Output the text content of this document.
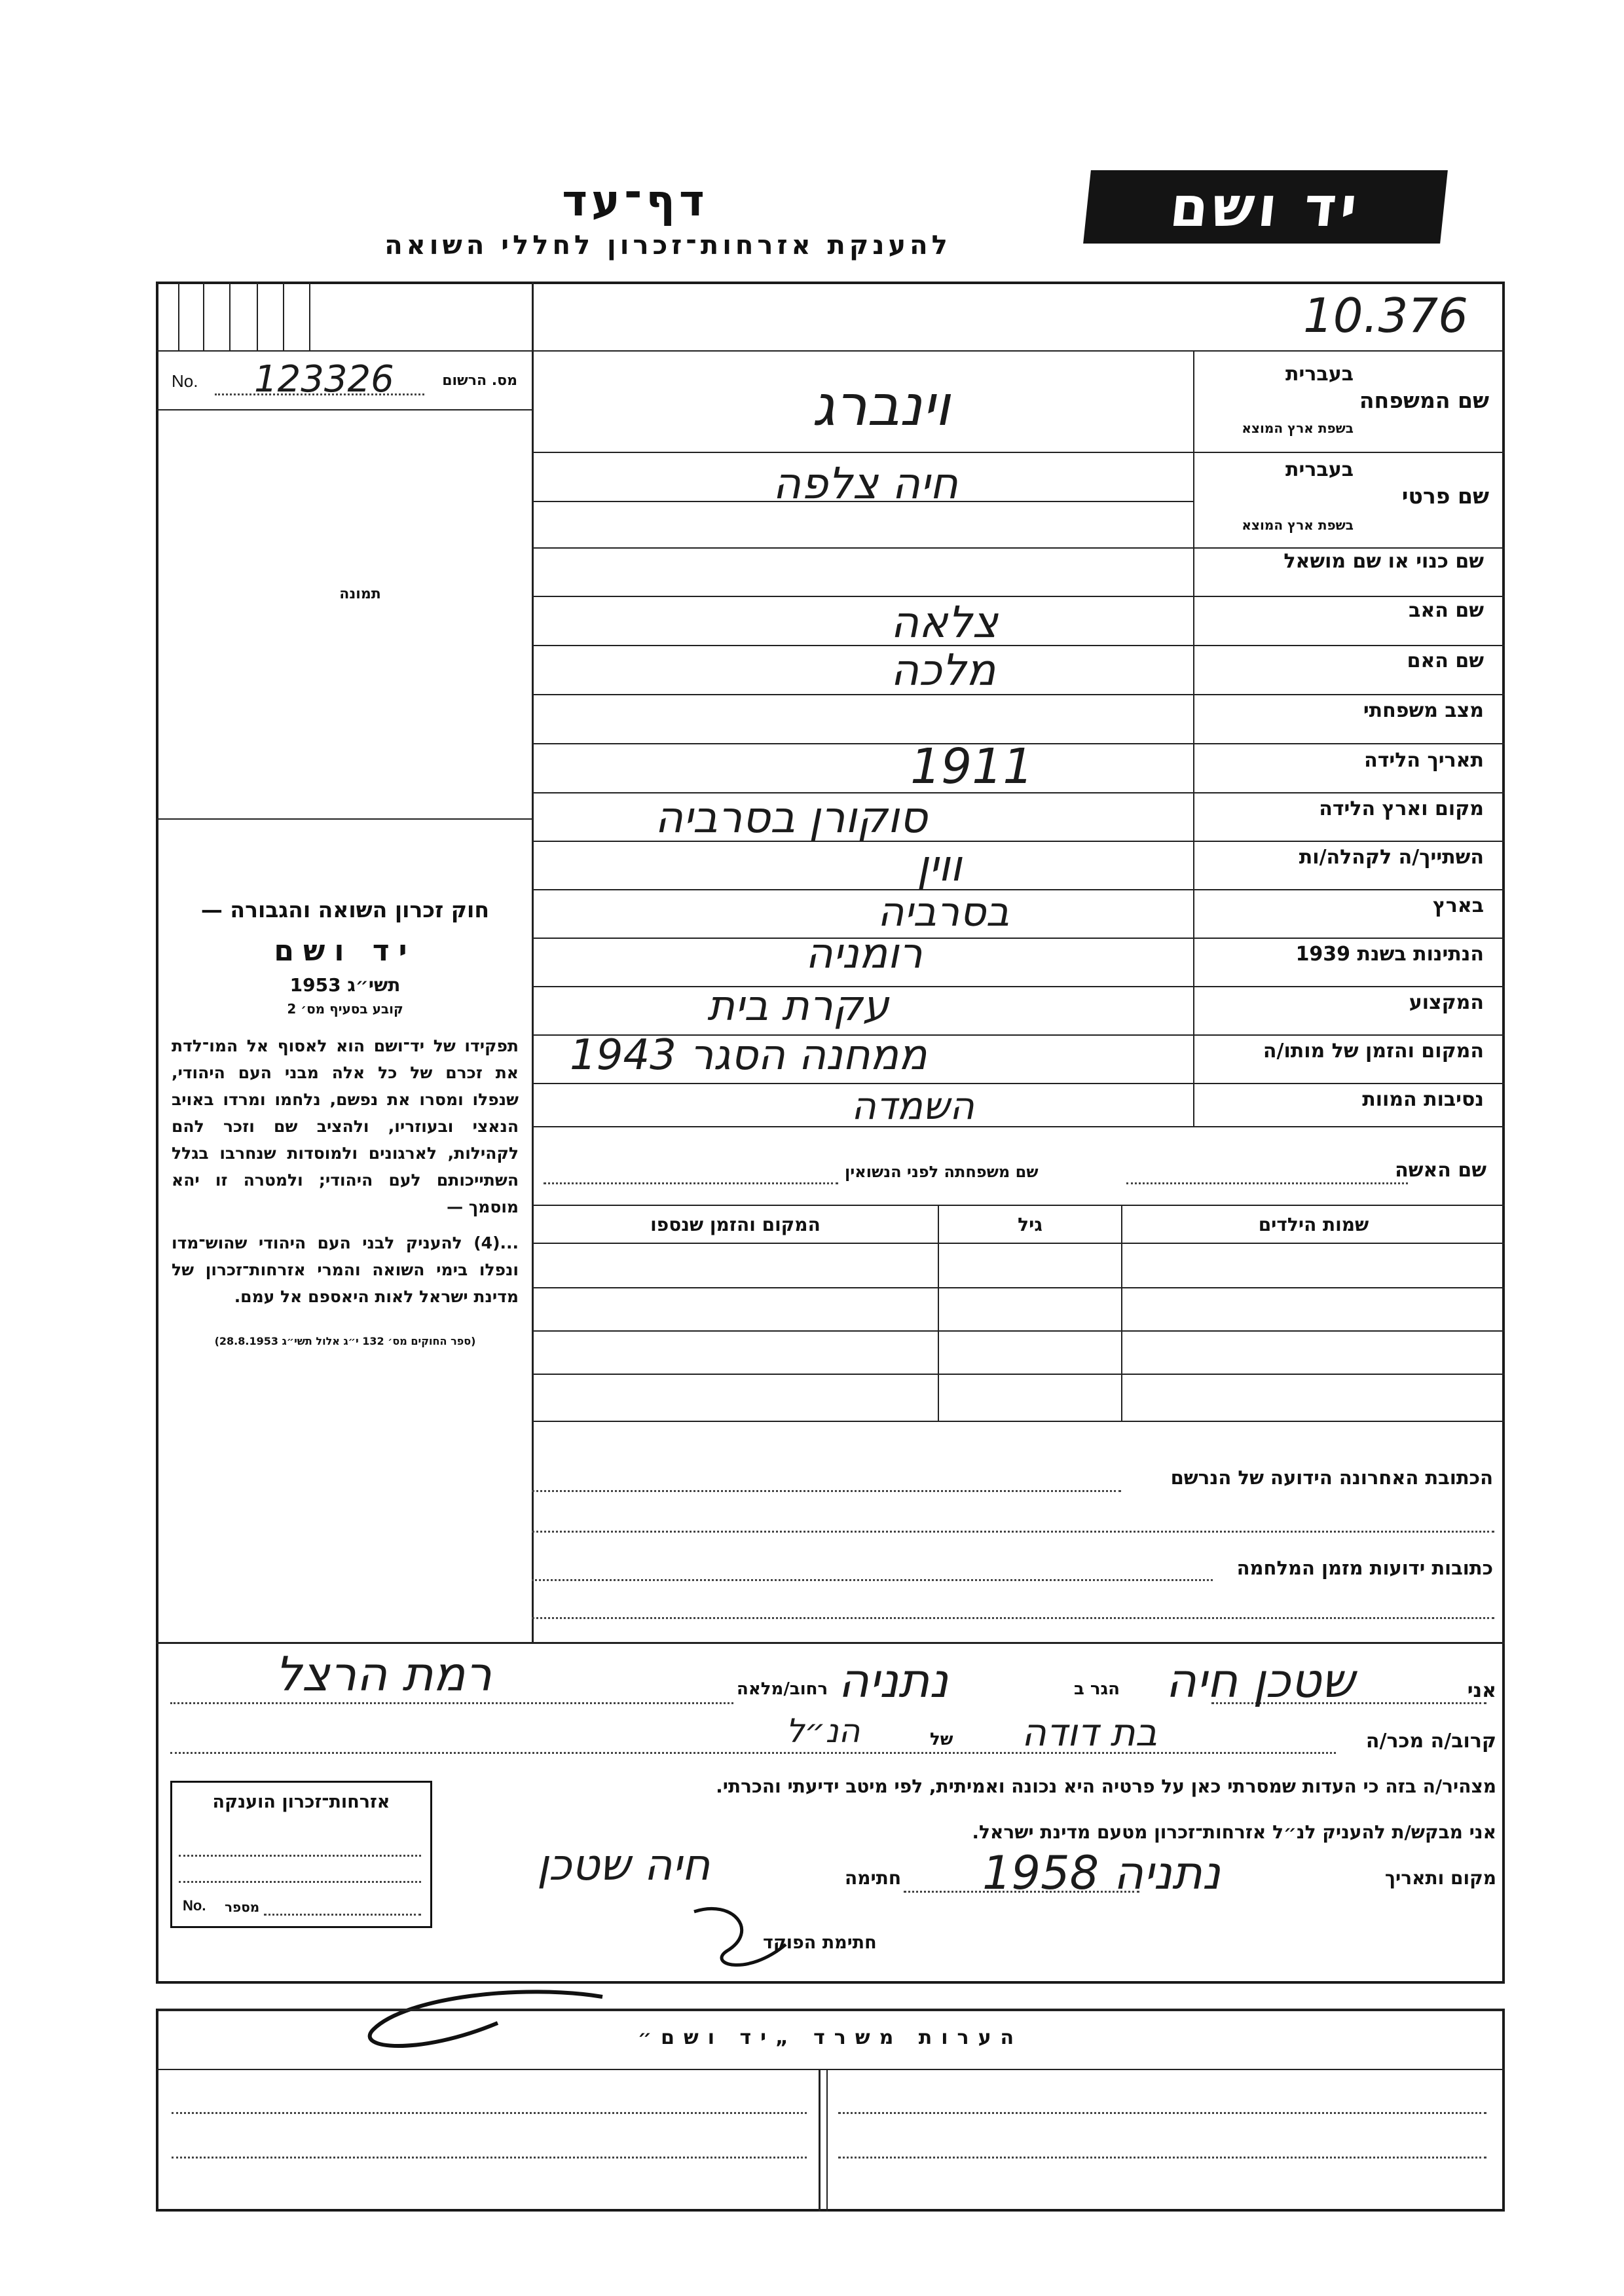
יד ושם
דף־עד
להענקת אזרחות־זכרון לחללי השואה
10.376
No. 123326	מס. הרשום
תמונה
חוק זכרון השואה והגבורה —
יד ושם
תשי״ג 1953
קובע בסעיף מס׳ 2
תפקידו של יד־ושם הוא לאסוף אל המו־לדת את זכרם של כל אלה מבני העם היהודי, שנפלו ומסרו את נפשם, נלחמו ומרדו באויב הנאצי ובעוזריו, ולהציב שם וזכר להם לקהילות, לארגונים ולמוסדות שנחרבו בגלל השתייכותם לעם היהודי; ולמטרה זו יהא מוסמך —
...(4) להעניק לבני העם היהודי שהוש־מדו ונפלו בימי השואה והמרי אזרחות־זכרון של מדינת ישראל לאות היאספם אל עמם.
(ספר החוקים מס׳ 132 י״ג אלול תשי״ג 28.8.1953)
בעברית
שם המשפחה
בשפת ארץ המוצא
בעברית
שם פרטי
בשפת ארץ המוצא
שם כנוי או שם מושאל
שם האב
שם האם
מצב משפחתי
תאריך הלידה
מקום וארץ הלידה
השתייך/ה לקהלה/ות
בארץ
הנתינות בשנת 1939
המקצוע
המקום והזמן של מותו/ה
נסיבות המוות
וינברג
חיה צלפה
צלאה
מלכה
1911
סוקורן בסרביה
ווין
בסרביה
רומניה
עקרת בית
ממחנה הסגר 1943
השמדה
שם האשה
שם משפחתה לפני הנשואין
שמות הילדים
גיל
המקום והזמן שנספו
הכתובת האחרונה הידועה של הנרשם
כתובות ידועות מזמן המלחמה
אני
שטכן חיה
הגר ב
נתניה
רחוב/מלאה
רמת הרצל
קרוב/ה מכר/ה
בת דודה
של
הנ״ל
מצהיר/ה בזה כי העדות שמסרתי כאן על פרטיה היא נכונה ואמיתית, לפי מיטב ידיעתי והכרתי.
אני מבקש/ת להעניק לנ״ל אזרחות־זכרון מטעם מדינת ישראל.
מקום ותאריך
נתניה 1958
חתימה
חיה שטכן
חתימת הפוקד
אזרחות־זכרון הוענקה
No. מספר
הערות משרד „יד ושם״
